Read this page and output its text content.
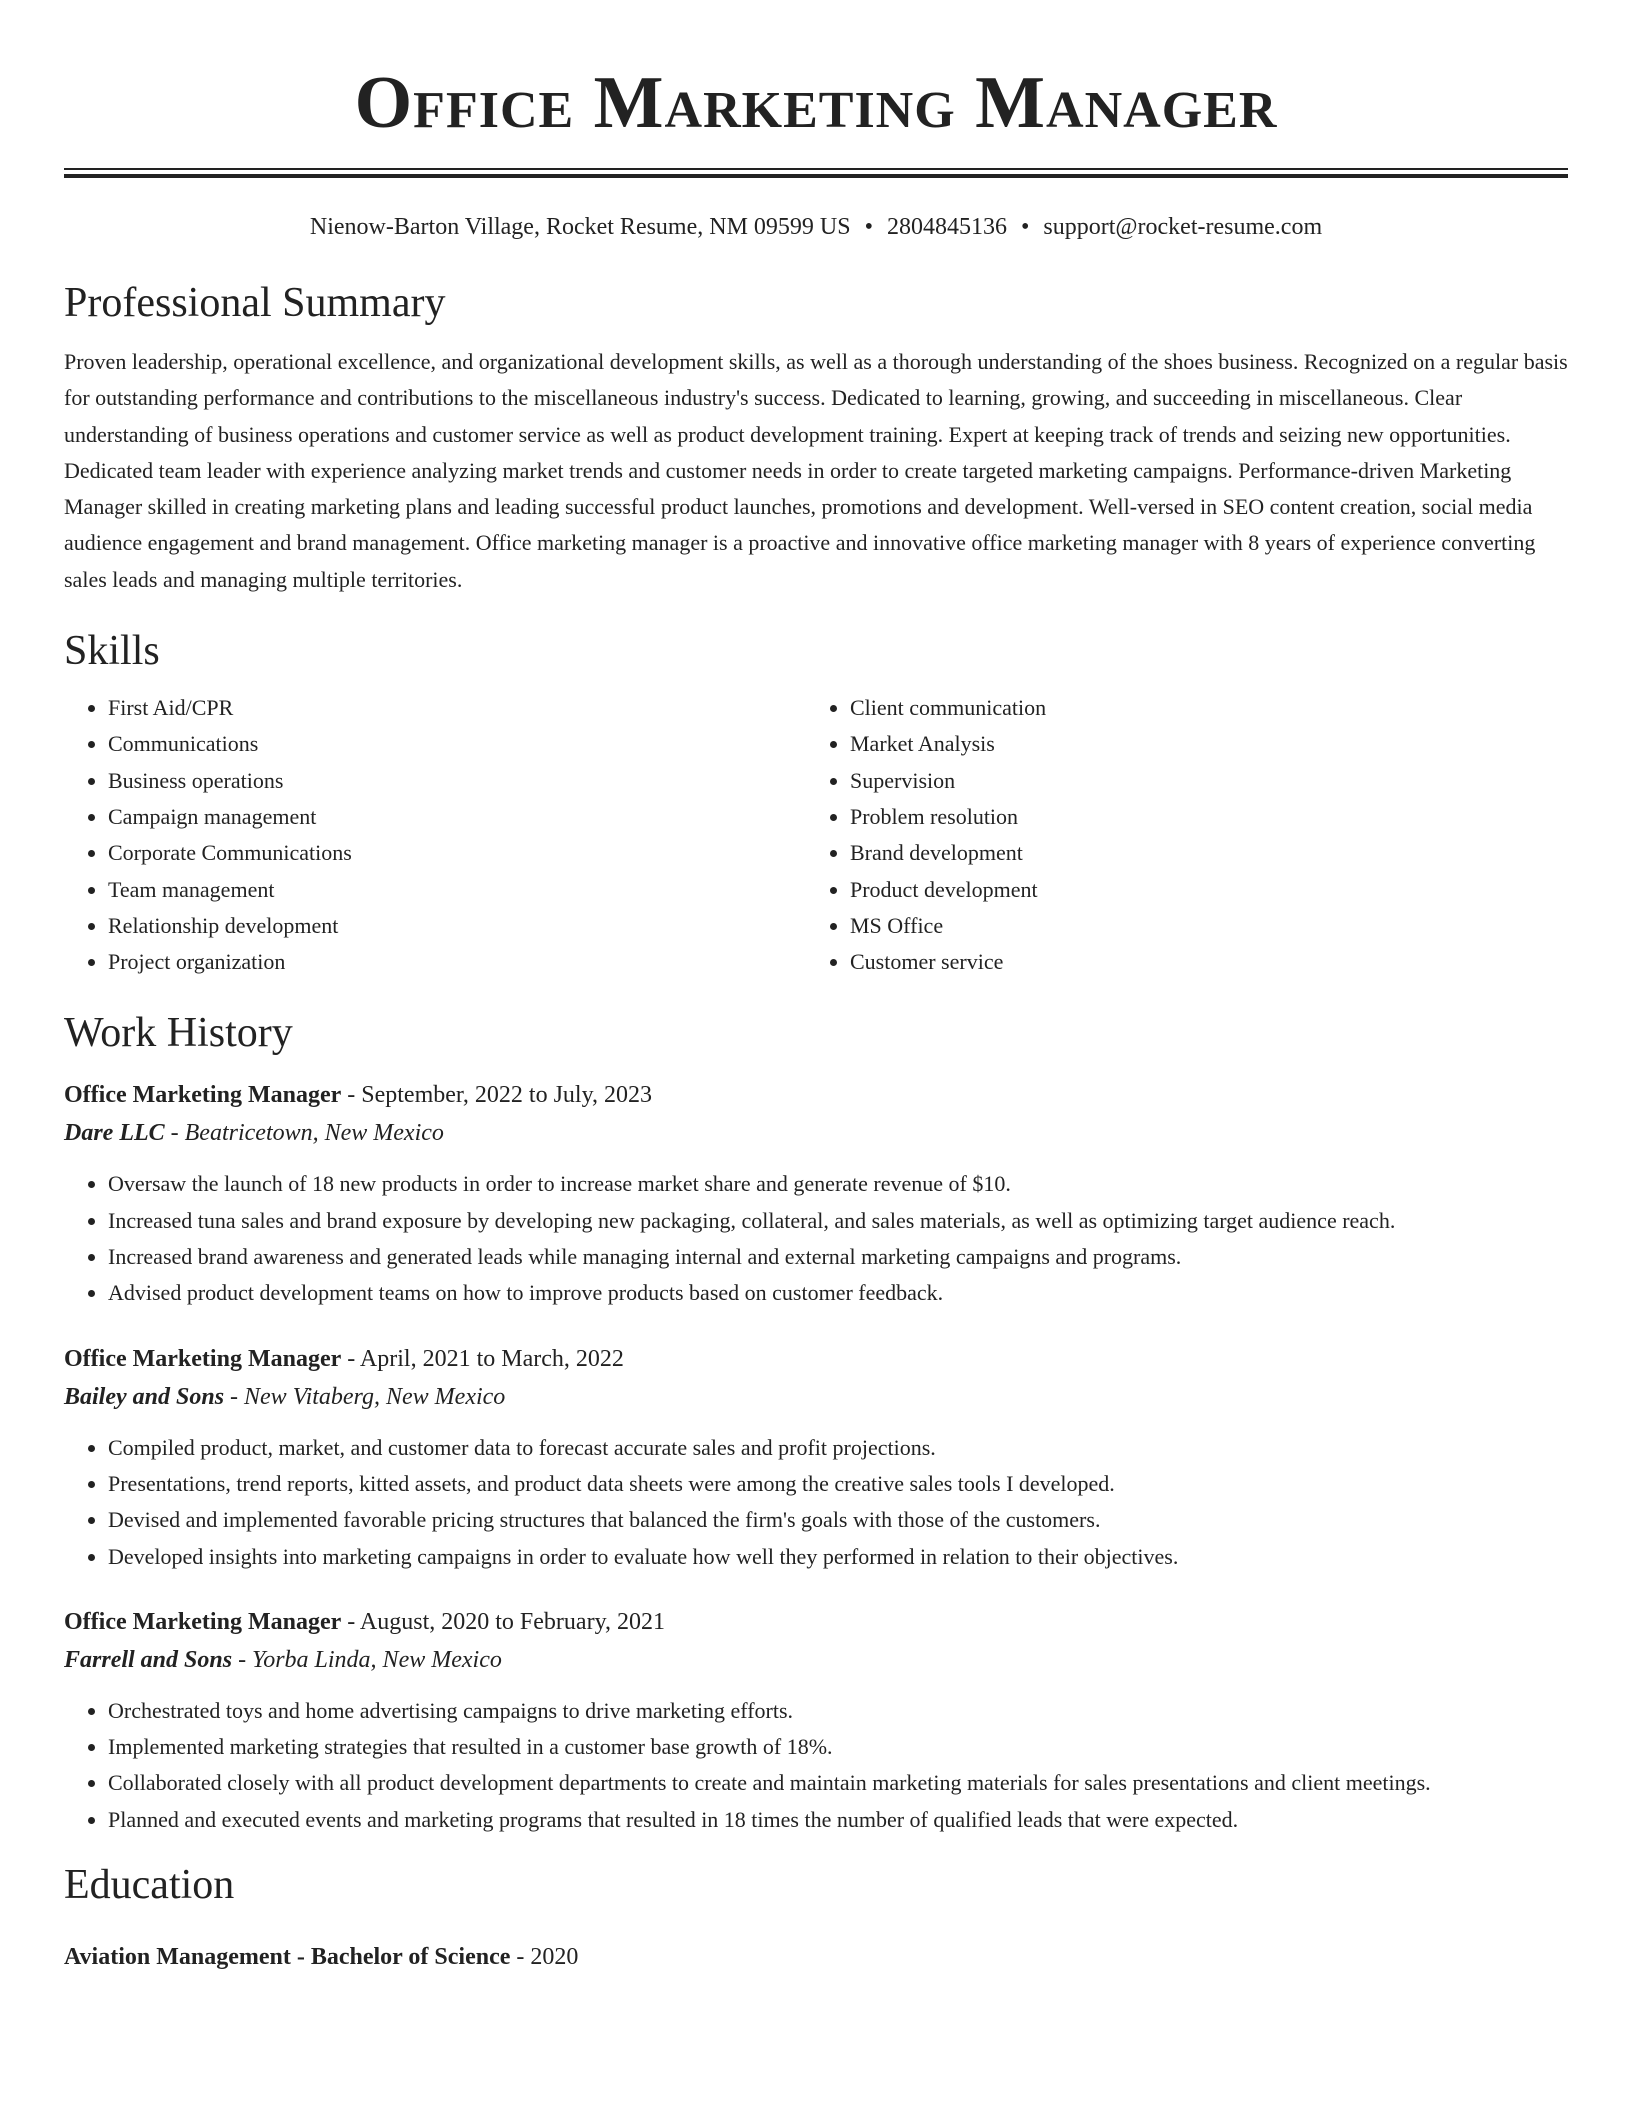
Office Marketing Manager
Nienow-Barton Village, Rocket Resume, NM 09599 US • 2804845136 • support@rocket-resume.com
Professional Summary
Proven leadership, operational excellence, and organizational development skills, as well as a thorough understanding of the shoes business. Recognized on a regular basis for outstanding performance and contributions to the miscellaneous industry's success. Dedicated to learning, growing, and succeeding in miscellaneous. Clear understanding of business operations and customer service as well as product development training. Expert at keeping track of trends and seizing new opportunities. Dedicated team leader with experience analyzing market trends and customer needs in order to create targeted marketing campaigns. Performance-driven Marketing Manager skilled in creating marketing plans and leading successful product launches, promotions and development. Well-versed in SEO content creation, social media audience engagement and brand management. Office marketing manager is a proactive and innovative office marketing manager with 8 years of experience converting sales leads and managing multiple territories.
Skills
• First Aid/CPR
• Communications
• Business operations
• Campaign management
• Corporate Communications
• Team management
• Relationship development
• Project organization
• Client communication
• Market Analysis
• Supervision
• Problem resolution
• Brand development
• Product development
• MS Office
• Customer service
Work History
Office Marketing Manager - September, 2022 to July, 2023
Dare LLC - Beatricetown, New Mexico
• Oversaw the launch of 18 new products in order to increase market share and generate revenue of $10.
• Increased tuna sales and brand exposure by developing new packaging, collateral, and sales materials, as well as optimizing target audience reach.
• Increased brand awareness and generated leads while managing internal and external marketing campaigns and programs.
• Advised product development teams on how to improve products based on customer feedback.
Office Marketing Manager - April, 2021 to March, 2022
Bailey and Sons - New Vitaberg, New Mexico
• Compiled product, market, and customer data to forecast accurate sales and profit projections.
• Presentations, trend reports, kitted assets, and product data sheets were among the creative sales tools I developed.
• Devised and implemented favorable pricing structures that balanced the firm's goals with those of the customers.
• Developed insights into marketing campaigns in order to evaluate how well they performed in relation to their objectives.
Office Marketing Manager - August, 2020 to February, 2021
Farrell and Sons - Yorba Linda, New Mexico
• Orchestrated toys and home advertising campaigns to drive marketing efforts.
• Implemented marketing strategies that resulted in a customer base growth of 18%.
• Collaborated closely with all product development departments to create and maintain marketing materials for sales presentations and client meetings.
• Planned and executed events and marketing programs that resulted in 18 times the number of qualified leads that were expected.
Education
Aviation Management - Bachelor of Science - 2020
